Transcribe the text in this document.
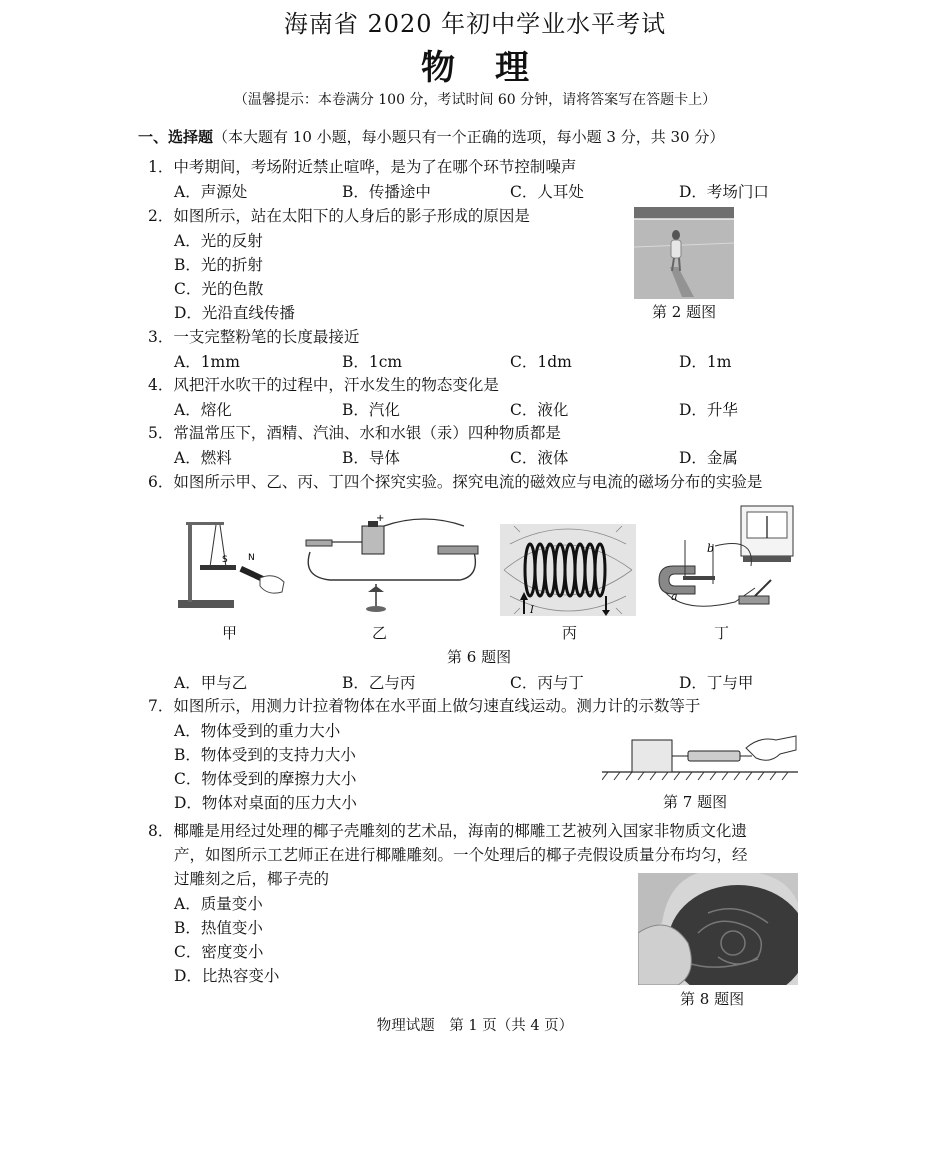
海南省 2020 年初中学业水平考试
物理
（温馨提示：本卷满分 100 分，考试时间 60 分钟，请将答案写在答题卡上）
一、选择题（本大题有 10 小题，每小题只有一个正确的选项，每小题 3 分，共 30 分）
1．中考期间，考场附近禁止喧哗，是为了在哪个环节控制噪声
A．声源处	B．传播途中	C．人耳处	D．考场门口
2．如图所示，站在太阳下的人身后的影子形成的原因是
A．光的反射
B．光的折射
C．光的色散
D．光沿直线传播	第 2 题图
3．一支完整粉笔的长度最接近
A．1mm	B．1cm	C．1dm	D．1m
4．风把汗水吹干的过程中，汗水发生的物态变化是
A．熔化	B．汽化	C．液化	D．升华
5．常温常压下，酒精、汽油、水和水银（汞）四种物质都是
A．燃料	B．导体	C．液体	D．金属
6．如图所示甲、乙、丙、丁四个探究实验。探究电流的磁效应与电流的磁场分布的实验是
S N
甲
+
乙
I
丙
b
a
丁
第 6 题图
A．甲与乙	B．乙与丙	C．丙与丁	D．丁与甲
7．如图所示，用测力计拉着物体在水平面上做匀速直线运动。测力计的示数等于
A．物体受到的重力大小
B．物体受到的支持力大小
C．物体受到的摩擦力大小
D．物体对桌面的压力大小	第 7 题图
8．椰雕是用经过处理的椰子壳雕刻的艺术品，海南的椰雕工艺被列入国家非物质文化遗
产，如图所示工艺师正在进行椰雕雕刻。一个处理后的椰子壳假设质量分布均匀，经
过雕刻之后，椰子壳的
A．质量变小
B．热值变小
C．密度变小
D．比热容变小
第 8 题图
物理试题　第 1 页（共 4 页）
